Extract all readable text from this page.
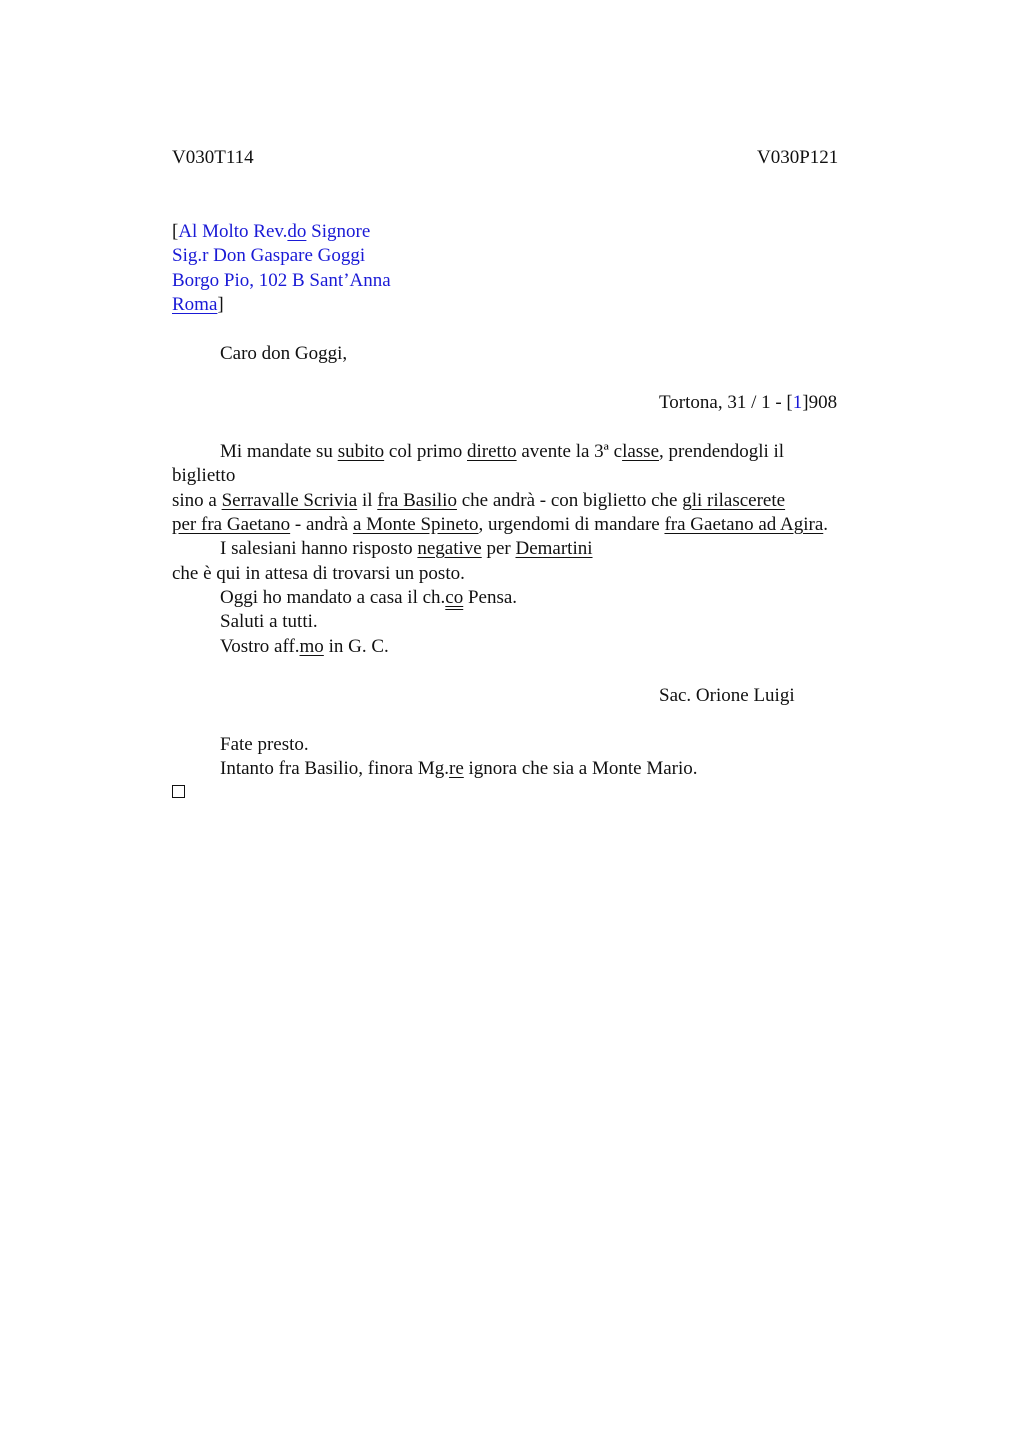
V030T114	V030P121
[Al Molto Rev.do Signore
Sig.r Don Gaspare Goggi
Borgo Pio, 102 B Sant’Anna
Roma]
Caro don Goggi,
Tortona, 31 / 1 - [1]908
Mi mandate su subito col primo diretto avente la 3ª classe, prendendogli il
biglietto
sino a Serravalle Scrivia il fra Basilio che andrà - con biglietto che gli rilascerete
per fra Gaetano - andrà a Monte Spineto, urgendomi di mandare fra Gaetano ad Agira.
I salesiani hanno risposto negative per Demartini
che è qui in attesa di trovarsi un posto.
Oggi ho mandato a casa il ch.co Pensa.
Saluti a tutti.
Vostro aff.mo in G. C.
Sac. Orione Luigi
Fate presto.
Intanto fra Basilio, finora Mg.re ignora che sia a Monte Mario.
